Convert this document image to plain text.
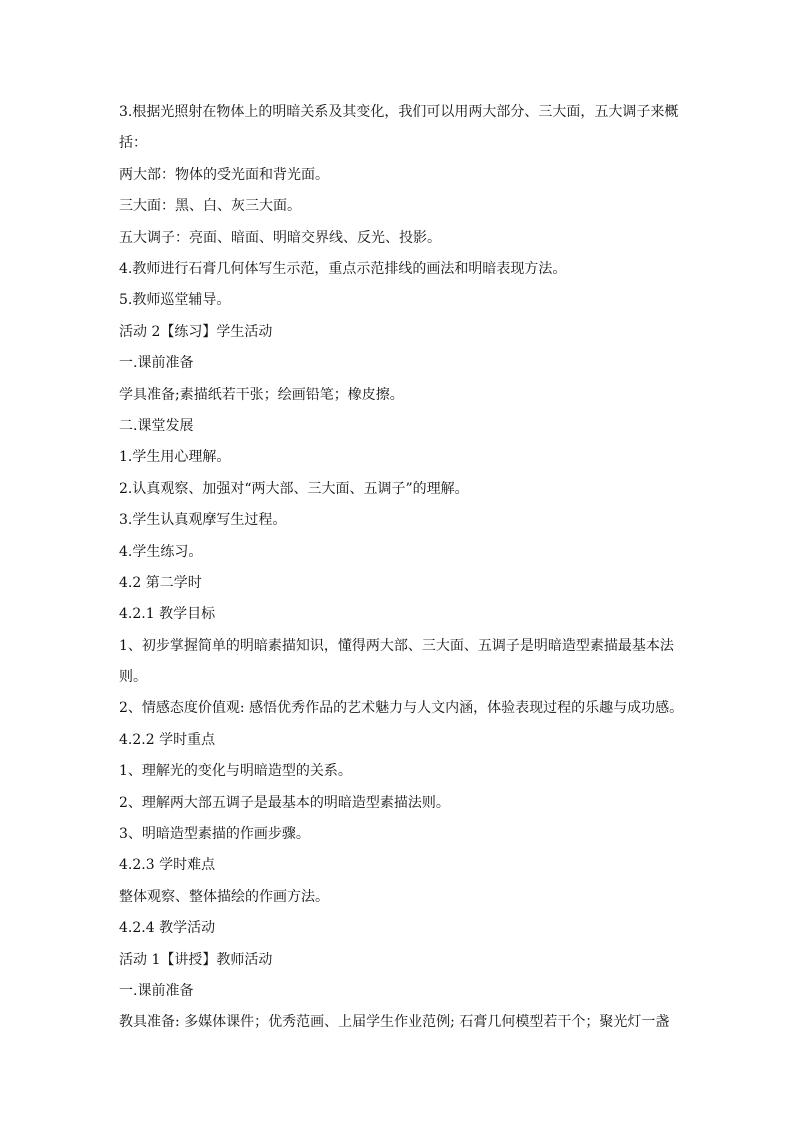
3.根据光照射在物体上的明暗关系及其变化，我们可以用两大部分、三大面，五大调子来概括：
两大部：物体的受光面和背光面。
三大面：黑、白、灰三大面。
五大调子：亮面、暗面、明暗交界线、反光、投影。
4.教师进行石膏几何体写生示范，重点示范排线的画法和明暗表现方法。
5.教师巡堂辅导。
活动 2【练习】学生活动
一.课前准备
学具准备;素描纸若干张；绘画铅笔；橡皮擦。
二.课堂发展
1.学生用心理解。
2.认真观察、加强对“两大部、三大面、五调子”的理解。
3.学生认真观摩写生过程。
4.学生练习。
4.2 第二学时
4.2.1 教学目标
1、初步掌握简单的明暗素描知识，懂得两大部、三大面、五调子是明暗造型素描最基本法则。
2、情感态度价值观: 感悟优秀作品的艺术魅力与人文内涵，体验表现过程的乐趣与成功感。
4.2.2 学时重点
1、理解光的变化与明暗造型的关系。
2、理解两大部五调子是最基本的明暗造型素描法则。
3、明暗造型素描的作画步骤。
4.2.3 学时难点
整体观察、整体描绘的作画方法。
4.2.4 教学活动
活动 1【讲授】教师活动
一.课前准备
教具准备: 多媒体课件；优秀范画、上届学生作业范例; 石膏几何模型若干个；聚光灯一盏
